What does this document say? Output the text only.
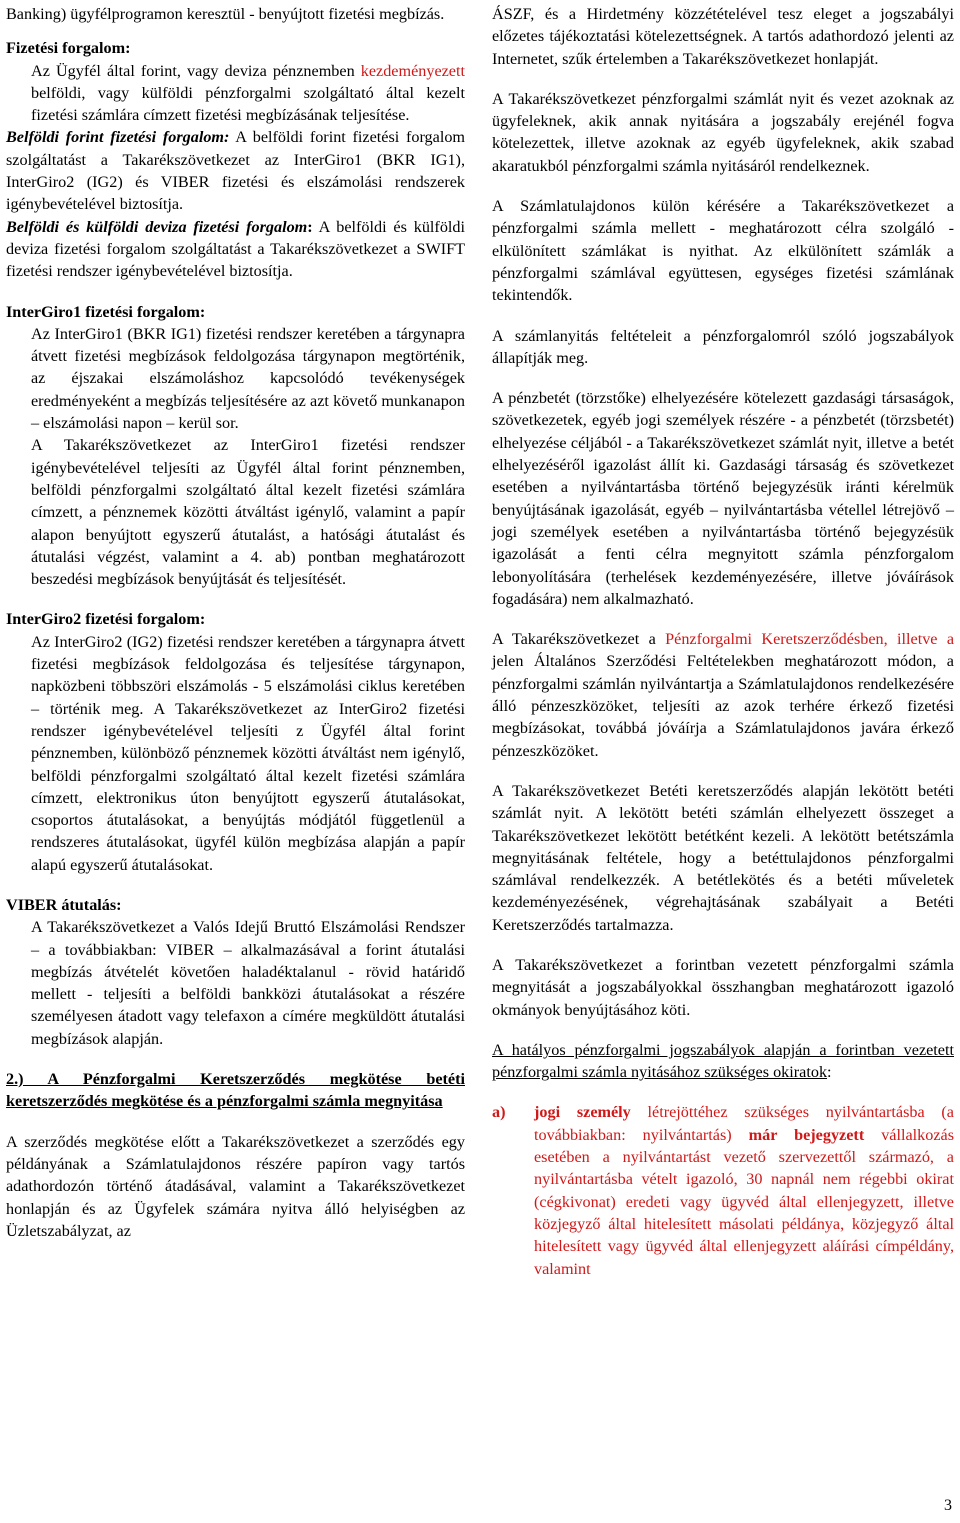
Banking) ügyfélprogramon keresztül - benyújtott fizetési megbízás.

Fizetési forgalom:

Az Ügyfél által forint, vagy deviza pénznemben kezdeményezett belföldi, vagy külföldi pénzforgalmi szolgáltató által kezelt fizetési számlára címzett fizetési megbízásának teljesítése.

Belföldi forint fizetési forgalom: A belföldi forint fizetési forgalom szolgáltatást a Takarékszövetkezet az InterGiro1 (BKR IG1), InterGiro2 (IG2) és VIBER fizetési és elszámolási rendszerek igénybevételével biztosítja.

Belföldi és külföldi deviza fizetési forgalom: A belföldi és külföldi deviza fizetési forgalom szolgáltatást a Takarékszövetkezet a SWIFT fizetési rendszer igénybevételével biztosítja.

InterGiro1 fizetési forgalom:

Az InterGiro1 (BKR IG1) fizetési rendszer keretében a tárgynapra átvett fizetési megbízások feldolgozása tárgynapon megtörténik, az éjszakai elszámoláshoz kapcsolódó tevékenységek eredményeként a megbízás teljesítésére az azt követő munkanapon – elszámolási napon – kerül sor.

A Takarékszövetkezet az InterGiro1 fizetési rendszer igénybevételével teljesíti az Ügyfél által forint pénznemben, belföldi pénzforgalmi szolgáltató által kezelt fizetési számlára címzett, a pénznemek közötti átváltást igénylő, valamint a papír alapon benyújtott egyszerű átutalást, a hatósági átutalást és átutalási végzést, valamint a 4. ab) pontban meghatározott beszedési megbízások benyújtását és teljesítését.

InterGiro2 fizetési forgalom:

Az InterGiro2 (IG2) fizetési rendszer keretében a tárgynapra átvett fizetési megbízások feldolgozása és teljesítése tárgynapon, napközbeni többszöri elszámolás - 5 elszámolási ciklus keretében – történik meg. A Takarékszövetkezet az InterGiro2 fizetési rendszer igénybevételével teljesíti z Ügyfél által forint pénznemben, különböző pénznemek közötti átváltást nem igénylő, belföldi pénzforgalmi szolgáltató által kezelt fizetési számlára címzett, elektronikus úton benyújtott egyszerű átutalásokat, csoportos átutalásokat, a benyújtás módjától függetlenül a rendszeres átutalásokat, ügyfél külön megbízása alapján a papír alapú egyszerű átutalásokat.

VIBER átutalás:

A Takarékszövetkezet a Valós Idejű Bruttó Elszámolási Rendszer – a továbbiakban: VIBER – alkalmazásával a forint átutalási megbízás átvételét követően haladéktalanul - rövid határidő mellett - teljesíti a belföldi bankközi átutalásokat a részére személyesen átadott vagy telefaxon a címére megküldött átutalási megbízások alapján.

2.) A Pénzforgalmi Keretszerződés megkötése betéti keretszerződés megkötése és a pénzforgalmi számla megnyitása

A szerződés megkötése előtt a Takarékszövetkezet a szerződés egy példányának a Számlatulajdonos részére papíron vagy tartós adathordozón történő átadásával, valamint a Takarékszövetkezet honlapján és az Ügyfelek számára nyitva álló helyiségben az Üzletszabályzat, az

ÁSZF, és a Hirdetmény közzétételével tesz eleget a jogszabályi előzetes tájékoztatási kötelezettségnek. A tartós adathordozó jelenti az Internetet, szűk értelemben a Takarékszövetkezet honlapját.

A Takarékszövetkezet pénzforgalmi számlát nyit és vezet azoknak az ügyfeleknek, akik annak nyitására a jogszabály erejénél fogva kötelezettek, illetve azoknak az egyéb ügyfeleknek, akik szabad akaratukból pénzforgalmi számla nyitásáról rendelkeznek.

A Számlatulajdonos külön kérésére a Takarékszövetkezet a pénzforgalmi számla mellett - meghatározott célra szolgáló - elkülönített számlákat is nyithat. Az elkülönített számlák a pénzforgalmi számlával együttesen, egységes fizetési számlának tekintendők.

A számlanyitás feltételeit a pénzforgalomról szóló jogszabályok állapítják meg.

A pénzbetét (törzstőke) elhelyezésére kötelezett gazdasági társaságok, szövetkezetek, egyéb jogi személyek részére - a pénzbetét (törzsbetét) elhelyezése céljából - a Takarékszövetkezet számlát nyit, illetve a betét elhelyezéséről igazolást állít ki. Gazdasági társaság és szövetkezet esetében a nyilvántartásba történő bejegyzésük iránti kérelmük benyújtásának igazolását, egyéb – nyilvántartásba vétellel létrejövő – jogi személyek esetében a nyilvántartásba történő bejegyzésük igazolását a fenti célra megnyitott számla pénzforgalom lebonyolítására (terhelések kezdeményezésére, illetve jóváírások fogadására) nem alkalmazható.

A Takarékszövetkezet a Pénzforgalmi Keretszerződésben, illetve a jelen Általános Szerződési Feltételekben meghatározott módon, a pénzforgalmi számlán nyilvántartja a Számlatulajdonos rendelkezésére álló pénzeszközöket, teljesíti az azok terhére érkező fizetési megbízásokat, továbbá jóváírja a Számlatulajdonos javára érkező pénzeszközöket.

A Takarékszövetkezet Betéti keretszerződés alapján lekötött betéti számlát nyit. A lekötött betéti számlán elhelyezett összeget a Takarékszövetkezet lekötött betétként kezeli. A lekötött betétszámla megnyitásának feltétele, hogy a betéttulajdonos pénzforgalmi számlával rendelkezzék. A betétlekötés és a betéti műveletek kezdeményezésének, végrehajtásának szabályait a Betéti Keretszerződés tartalmazza.

A Takarékszövetkezet a forintban vezetett pénzforgalmi számla megnyitását a jogszabályokkal összhangban meghatározott igazoló okmányok benyújtásához köti.

A hatályos pénzforgalmi jogszabályok alapján a forintban vezetett pénzforgalmi számla nyitásához szükséges okiratok:

a) jogi személy létrejöttéhez szükséges nyilvántartásba (a továbbiakban: nyilvántartás) már bejegyzett vállalkozás esetében a nyilvántartást vezető szervezettől származó, a nyilvántartásba vételt igazoló, 30 napnál nem régebbi okirat (cégkivonat) eredeti vagy ügyvéd által ellenjegyzett, illetve közjegyző által hitelesített másolati példánya, közjegyző által hitelesített vagy ügyvéd által ellenjegyzett aláírási címpéldány, valamint

3
